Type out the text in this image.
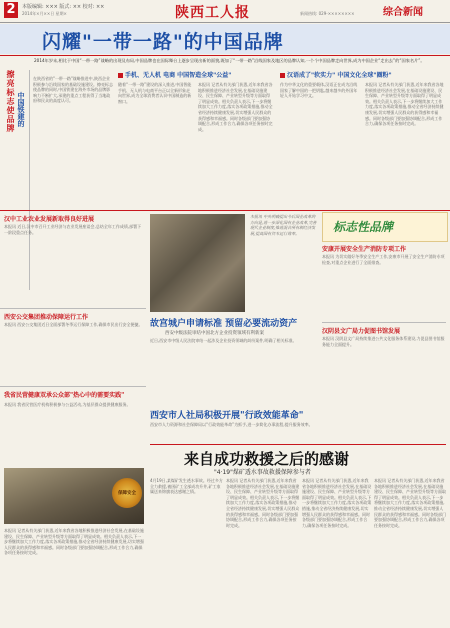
2	本版编辑: ××× 版式: ×× 校对: ××
2014年×月××日 星期×	陕西工人报	综合新闻
新闻热线: 029-××××××××
闪耀"一带一路"的中国品牌
2014年岁末,相比于中国“一带一路”战略的出现及布局,中国品牌也在国际舞台上逐步呈现出新的面貌,既加了“一带一路”沿线国家及地区的品牌认知,一个个中国品牌走向世界,成为中国企业“走出去”的“国家名片”。
擦亮标志使品牌 中国铁建的
在陕西省的"一带一路"战略推进中,陕西企业积极参与沿线国家的基础设施建设。擦亮标志使品牌的同时,中国铁建在海外市场的品牌影响力不断扩大,承建的重点工程获得了当地政府和民众的高度认可。
手机、无人机 电商 中国智造全球"公益"
随着“一带一路”建设的深入推进,中国智能手机、无人机与电商平台正以全新形象走向世界,成为全球消费者认识中国制造的新窗口。
本报讯 记者从有关部门获悉,近年来我省各地积极推进经济社会发展,在基础设施建设、民生保障、产业转型升级等方面取得了明显成效。相关负责人表示,下一步将继续加大工作力度,落实各项政策措施,推动全省经济持续健康发展,切实增强人民群众的获得感和幸福感。同时各级部门要加强协调配合,形成工作合力,确保各项任务按时完成。
汉语成了"软实力" 中国文化全球"圈粉"
作为中华文化的重要载体,汉语正在成为沿线国家了解中国的一把钥匙,越来越多的外国年轻人开始学习中文。
本报讯 记者从有关部门获悉,近年来我省各地积极推进经济社会发展,在基础设施建设、民生保障、产业转型升级等方面取得了明显成效。相关负责人表示,下一步将继续加大工作力度,落实各项政策措施,推动全省经济持续健康发展,切实增强人民群众的获得感和幸福感。同时各级部门要加强协调配合,形成工作合力,确保各项任务按时完成。
汉中工业农业发展新取得良好进展
本报讯 近日,汉中市召开工业经济与农业发展座谈会,总结全年工作成绩,部署下一阶段重点任务。
本报讯 中央明确提出今后国企改革的方向是,进一步深化国有企业改革,完善现代企业制度,推进混合所有制经济发展,提高国有资本运行效率。	标志性品牌
安康开展安全生产消防专项工作
本报讯 为切实做好冬季安全生产工作,安康市开展了安全生产消防专项检查,对重点企业进行了全面排查。
西安公交集团推动保障运行工作
本报讯 西安公交集团近日全面部署冬季运行保障工作,确保市民出行安全便捷。 故宫城户申请标准 预留必要流动资产
西安中级法院审结中国北方企业投资领域有利新案
近日,西安市中级人民法院审结一起涉及企业投资领域的纠纷案件,明确了相关标准。
汉阴县文广局力促图书馆发展
本报讯 汉阴县文广局持续推进公共文化服务体系建设,力促县图书馆服务能力全面提升。
我省民营健康双承公众部"热心中的需要实践"
本报讯 我省民营医疗机构积极参与公益活动,为基层群众提供健康服务。
西安市人社局积极开展"行政效能革命"
西安市人力资源和社会保障局以“行政效能革命”为抓手,进一步简化办事流程,提升服务效率。
保障安全
来自成功救援之后的感谢
"4·19"煤矿透水事故救援保障参与者
4月19日,某煤矿发生透水事故。经过多方全力救援,被困矿工全部成功升井,矿工家属送来锦旗表达感谢之情。
本报讯 记者从有关部门获悉,近年来我省各地积极推进经济社会发展,在基础设施建设、民生保障、产业转型升级等方面取得了明显成效。相关负责人表示,下一步将继续加大工作力度,落实各项政策措施,推动全省经济持续健康发展,切实增强人民群众的获得感和幸福感。同时各级部门要加强协调配合,形成工作合力,确保各项任务按时完成。
本报讯 记者从有关部门获悉,近年来我省各地积极推进经济社会发展,在基础设施建设、民生保障、产业转型升级等方面取得了明显成效。相关负责人表示,下一步将继续加大工作力度,落实各项政策措施,推动全省经济持续健康发展,切实增强人民群众的获得感和幸福感。同时各级部门要加强协调配合,形成工作合力,确保各项任务按时完成。
本报讯 记者从有关部门获悉,近年来我省各地积极推进经济社会发展,在基础设施建设、民生保障、产业转型升级等方面取得了明显成效。相关负责人表示,下一步将继续加大工作力度,落实各项政策措施,推动全省经济持续健康发展,切实增强人民群众的获得感和幸福感。同时各级部门要加强协调配合,形成工作合力,确保各项任务按时完成。
本报讯 记者从有关部门获悉,近年来我省各地积极推进经济社会发展,在基础设施建设、民生保障、产业转型升级等方面取得了明显成效。相关负责人表示,下一步将继续加大工作力度,落实各项政策措施,推动全省经济持续健康发展,切实增强人民群众的获得感和幸福感。同时各级部门要加强协调配合,形成工作合力,确保各项任务按时完成。
